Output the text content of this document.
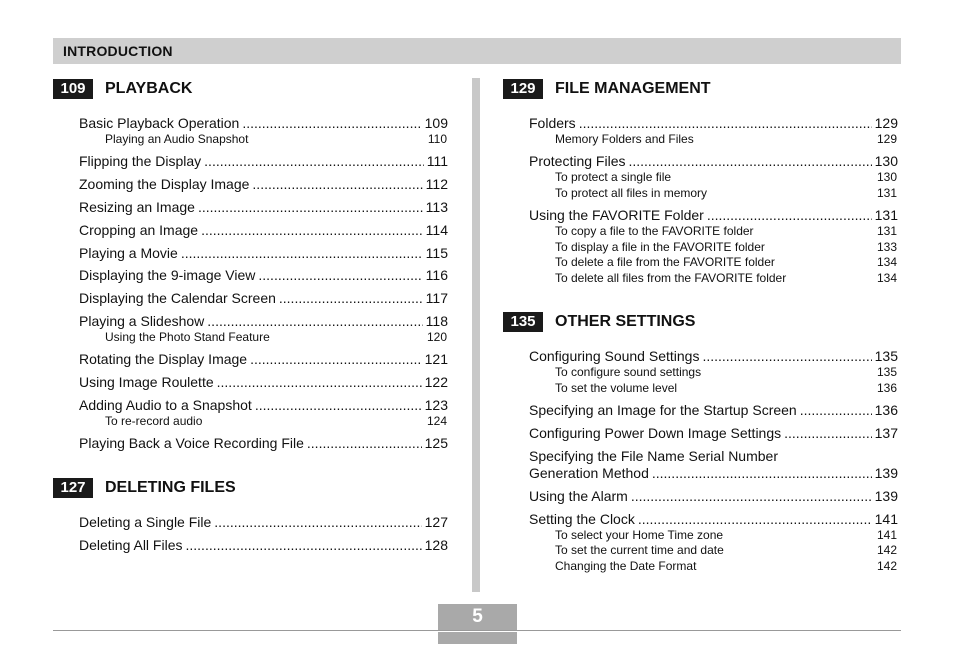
INTRODUCTION
109	PLAYBACK
Basic Playback Operation .....	109
Playing an Audio Snapshot	110
Flipping the Display .....	111
Zooming the Display Image .....	112
Resizing an Image .....	113
Cropping an Image .....	114
Playing a Movie .....	115
Displaying the 9-image View .....	116
Displaying the Calendar Screen .....	117
Playing a Slideshow .....	118
Using the Photo Stand Feature	120
Rotating the Display Image .....	121
Using Image Roulette .....	122
Adding Audio to a Snapshot .....	123
To re-record audio	124
Playing Back a Voice Recording File .....	125
127	DELETING FILES
Deleting a Single File .....	127
Deleting All Files .....	128
129	FILE MANAGEMENT
Folders .....	129
Memory Folders and Files	129
Protecting Files .....	130
To protect a single file	130
To protect all files in memory	131
Using the FAVORITE Folder .....	131
To copy a file to the FAVORITE folder	131
To display a file in the FAVORITE folder	133
To delete a file from the FAVORITE folder	134
To delete all files from the FAVORITE folder	134
135	OTHER SETTINGS
Configuring Sound Settings .....	135
To configure sound settings	135
To set the volume level	136
Specifying an Image for the Startup Screen .....	136
Configuring Power Down Image Settings .....	137
Specifying the File Name Serial Number
Generation Method .....	139
Using the Alarm .....	139
Setting the Clock .....	141
To select your Home Time zone	141
To set the current time and date	142
Changing the Date Format	142
5
